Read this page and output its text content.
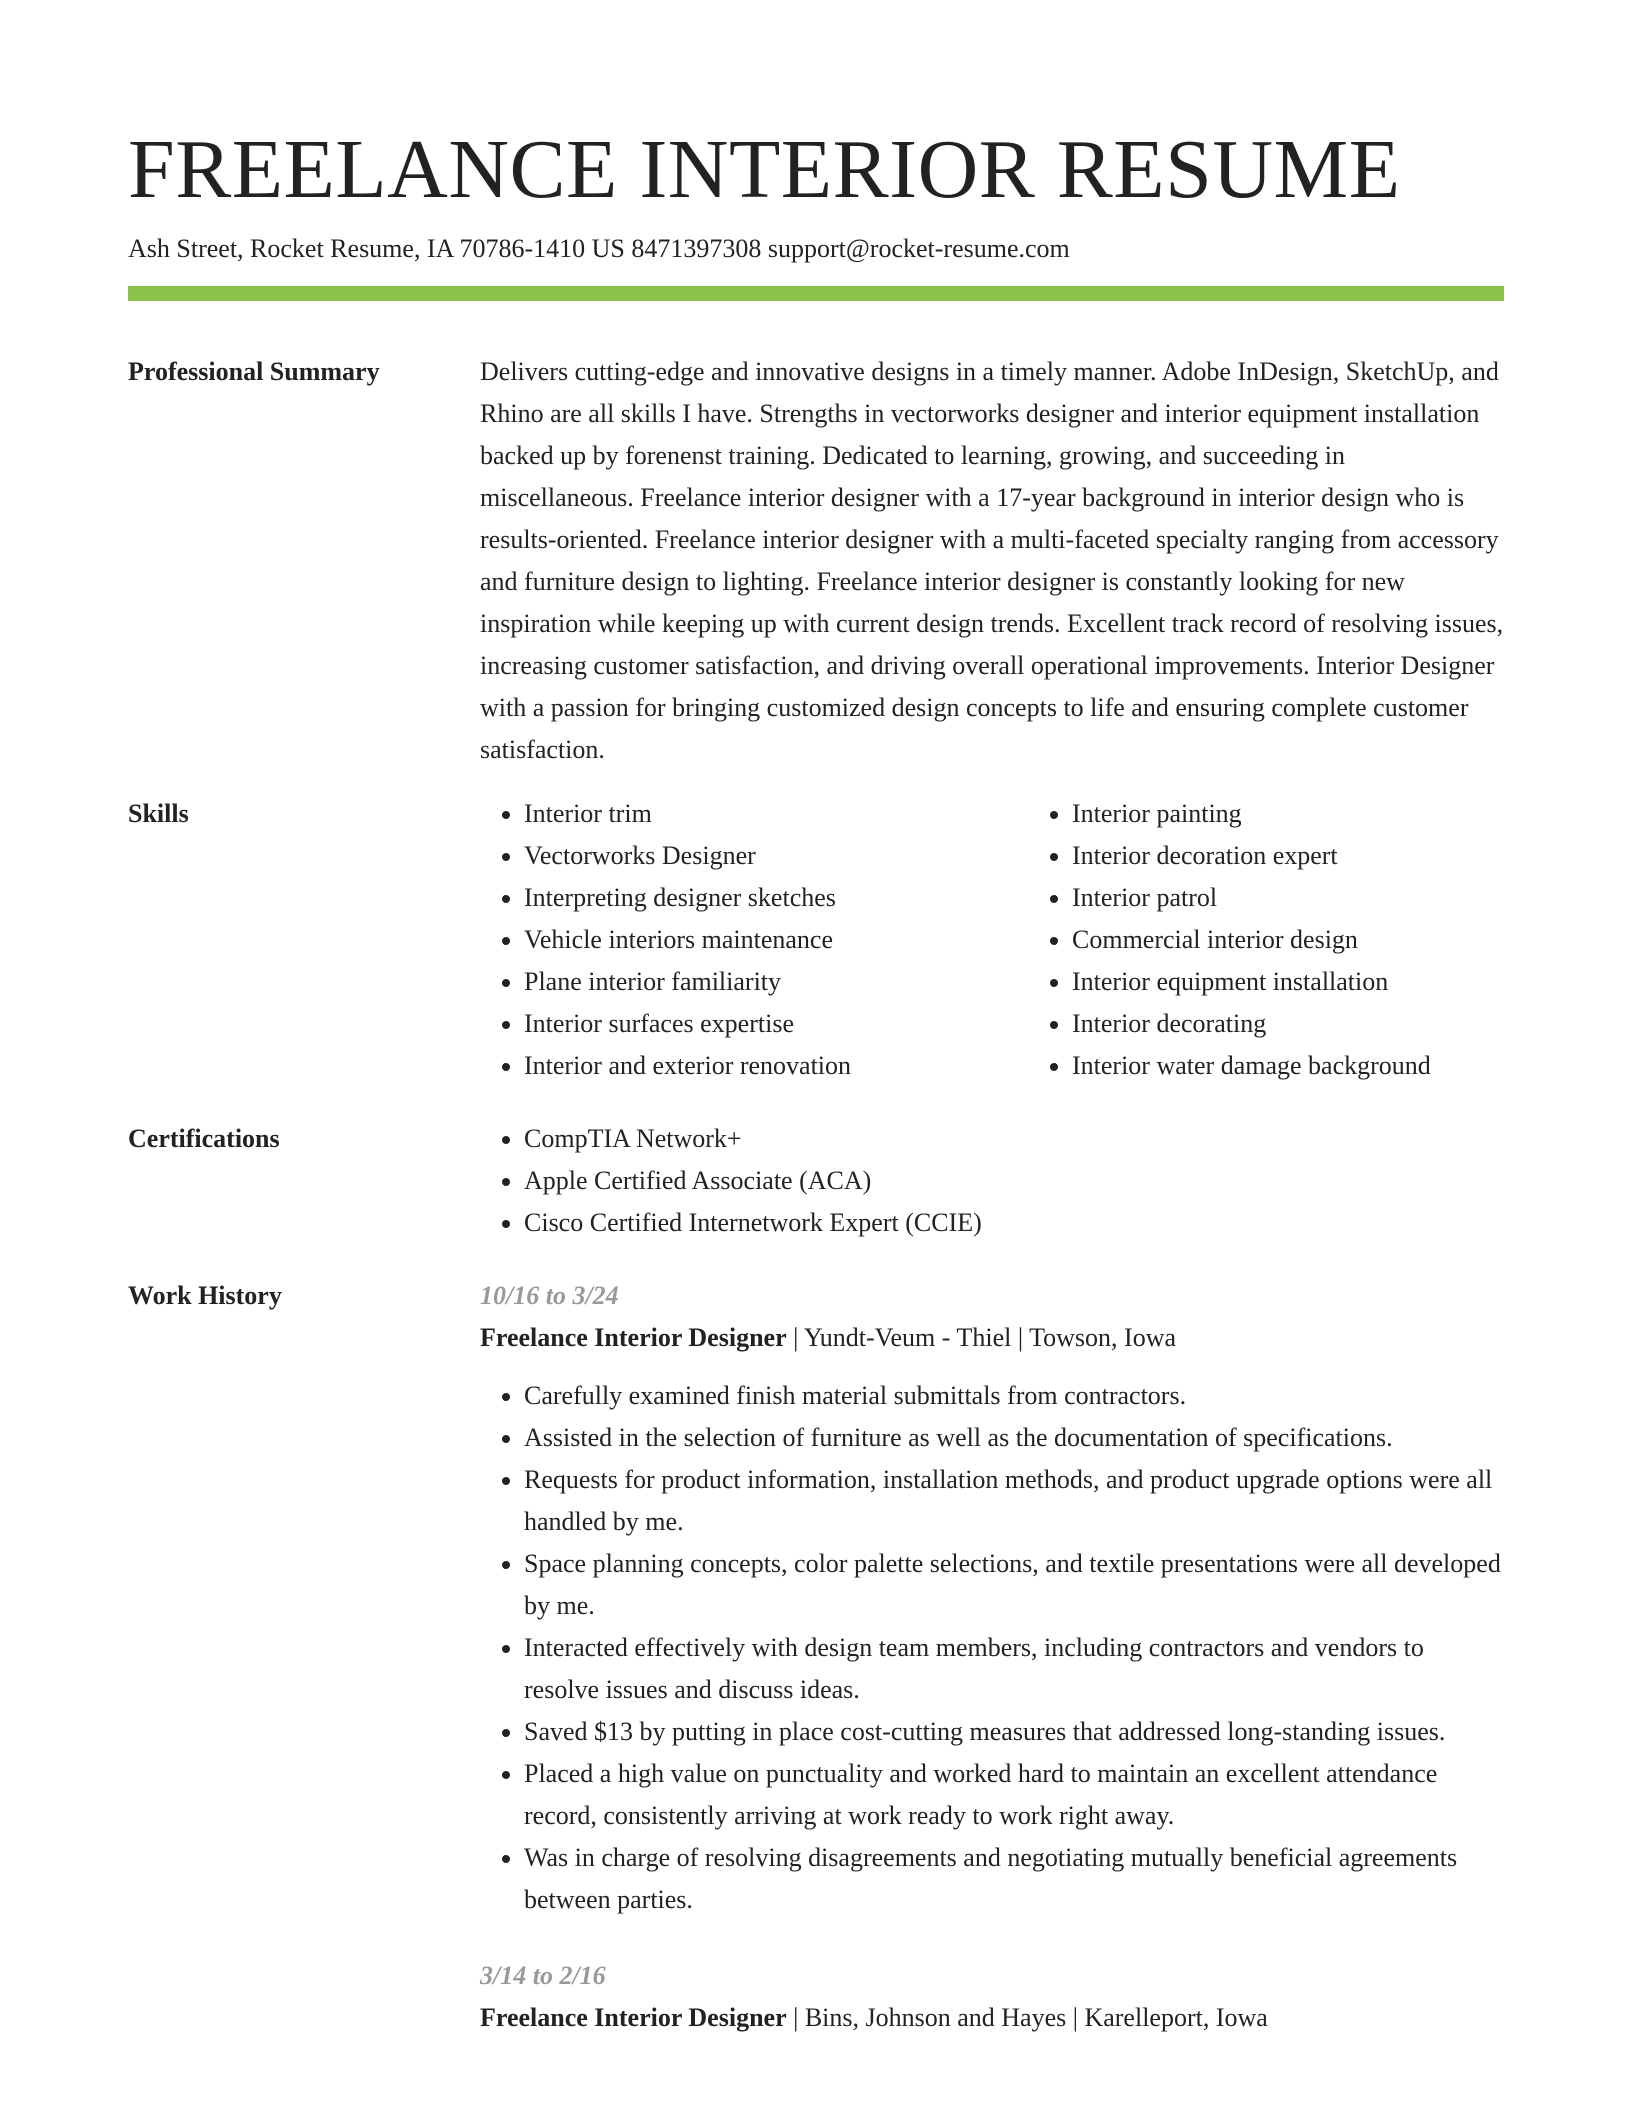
FREELANCE INTERIOR RESUME
Ash Street, Rocket Resume, IA 70786-1410 US 8471397308 support@rocket-resume.com
Professional Summary	Delivers cutting-edge and innovative designs in a timely manner. Adobe InDesign, SketchUp, and Rhino are all skills I have. Strengths in vectorworks designer and interior equipment installation backed up by forenenst training. Dedicated to learning, growing, and succeeding in miscellaneous. Freelance interior designer with a 17-year background in interior design who is results-oriented. Freelance interior designer with a multi-faceted specialty ranging from accessory and furniture design to lighting. Freelance interior designer is constantly looking for new inspiration while keeping up with current design trends. Excellent track record of resolving issues, increasing customer satisfaction, and driving overall operational improvements. Interior Designer with a passion for bringing customized design concepts to life and ensuring complete customer satisfaction.

Skills	• Interior trim
• Vectorworks Designer
• Interpreting designer sketches
• Vehicle interiors maintenance
• Plane interior familiarity
• Interior surfaces expertise
• Interior and exterior renovation
• Interior painting
• Interior decoration expert
• Interior patrol
• Commercial interior design
• Interior equipment installation
• Interior decorating
• Interior water damage background
Certifications	• CompTIA Network+
• Apple Certified Associate (ACA)
• Cisco Certified Internetwork Expert (CCIE)
Work History	10/16 to 3/24
Freelance Interior Designer | Yundt-Veum - Thiel | Towson, Iowa
• Carefully examined finish material submittals from contractors.
• Assisted in the selection of furniture as well as the documentation of specifications.
• Requests for product information, installation methods, and product upgrade options were all handled by me.
• Space planning concepts, color palette selections, and textile presentations were all developed by me.
• Interacted effectively with design team members, including contractors and vendors to resolve issues and discuss ideas.
• Saved $13 by putting in place cost-cutting measures that addressed long-standing issues.
• Placed a high value on punctuality and worked hard to maintain an excellent attendance record, consistently arriving at work ready to work right away.
• Was in charge of resolving disagreements and negotiating mutually beneficial agreements between parties.
3/14 to 2/16
Freelance Interior Designer | Bins, Johnson and Hayes | Karelleport, Iowa
